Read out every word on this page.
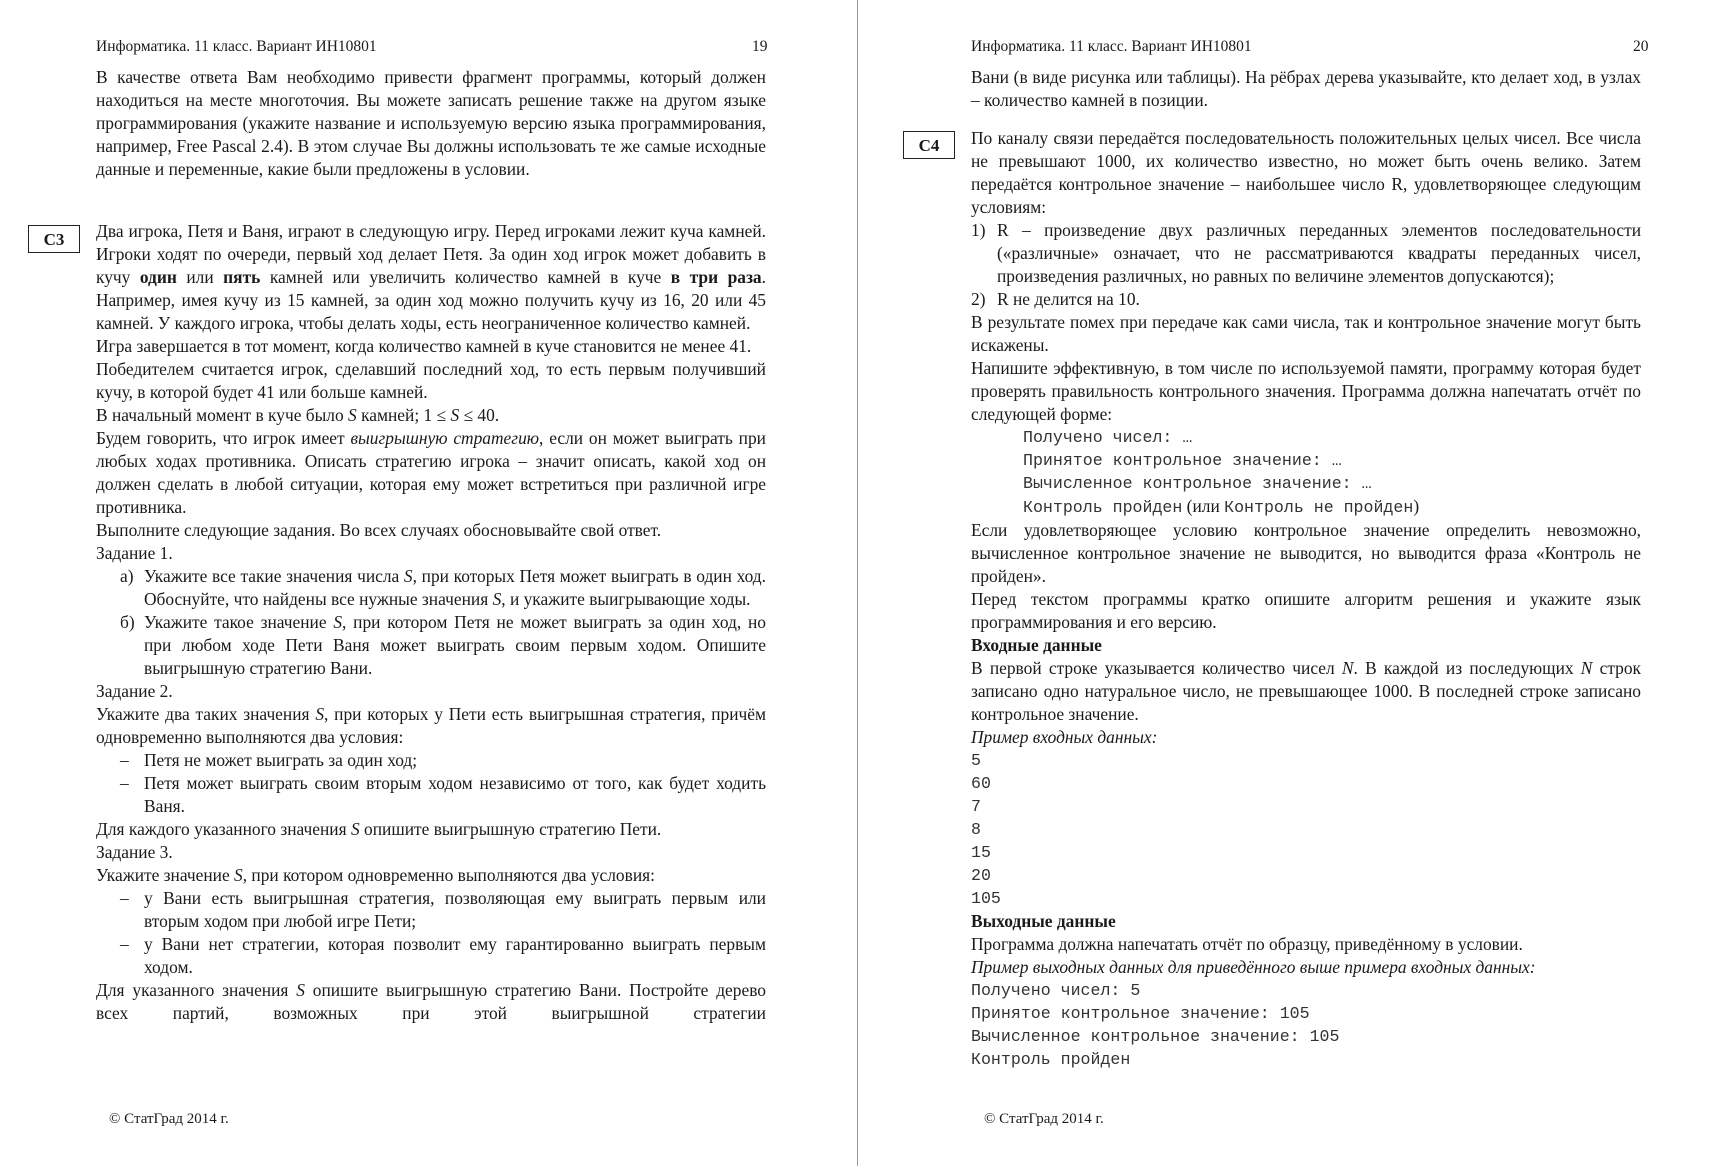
Информатика. 11 класс. Вариант ИН10801	19

В качестве ответа Вам необходимо привести фрагмент программы, который должен находиться на месте многоточия. Вы можете записать решение также на другом языке программирования (укажите название и используемую версию языка программирования, например, Free Pascal 2.4). В этом случае Вы должны использовать те же самые исходные данные и переменные, какие были предложены в условии.

C3	Два игрока, Петя и Ваня, играют в следующую игру. Перед игроками лежит куча камней. Игроки ходят по очереди, первый ход делает Петя. За один ход игрок может добавить в кучу один или пять камней или увеличить количество камней в куче в три раза. Например, имея кучу из 15 камней, за один ход можно получить кучу из 16, 20 или 45 камней. У каждого игрока, чтобы делать ходы, есть неограниченное количество камней.

Игра завершается в тот момент, когда количество камней в куче становится не менее 41.

Победителем считается игрок, сделавший последний ход, то есть первым получивший кучу, в которой будет 41 или больше камней.

В начальный момент в куче было S камней; 1 ≤ S ≤ 40.

Будем говорить, что игрок имеет выигрышную стратегию, если он может выиграть при любых ходах противника. Описать стратегию игрока – значит описать, какой ход он должен сделать в любой ситуации, которая ему может встретиться при различной игре противника.

Выполните следующие задания. Во всех случаях обосновывайте свой ответ.

Задание 1.

а) Укажите все такие значения числа S, при которых Петя может выиграть в один ход. Обоснуйте, что найдены все нужные значения S, и укажите выигрывающие ходы.

б) Укажите такое значение S, при котором Петя не может выиграть за один ход, но при любом ходе Пети Ваня может выиграть своим первым ходом. Опишите выигрышную стратегию Вани.

Задание 2.

Укажите два таких значения S, при которых у Пети есть выигрышная стратегия, причём одновременно выполняются два условия:

– Петя не может выиграть за один ход;

– Петя может выиграть своим вторым ходом независимо от того, как будет ходить Ваня.

Для каждого указанного значения S опишите выигрышную стратегию Пети.

Задание 3.

Укажите значение S, при котором одновременно выполняются два условия:

– у Вани есть выигрышная стратегия, позволяющая ему выиграть первым или вторым ходом при любой игре Пети;

– у Вани нет стратегии, которая позволит ему гарантированно выиграть первым ходом.

Для указанного значения S опишите выигрышную стратегию Вани. Постройте дерево всех партий, возможных при этой выигрышной стратегии

© СтатГрад 2014 г.
Информатика. 11 класс. Вариант ИН10801	20

Вани (в виде рисунка или таблицы). На рёбрах дерева указывайте, кто делает ход, в узлах – количество камней в позиции.

C4	По каналу связи передаётся последовательность положительных целых чисел. Все числа не превышают 1000, их количество известно, но может быть очень велико. Затем передаётся контрольное значение – наибольшее число R, удовлетворяющее следующим условиям:

1) R – произведение двух различных переданных элементов последовательности («различные» означает, что не рассматриваются квадраты переданных чисел, произведения различных, но равных по величине элементов допускаются);

2) R не делится на 10.

В результате помех при передаче как сами числа, так и контрольное значение могут быть искажены.

Напишите эффективную, в том числе по используемой памяти, программу которая будет проверять правильность контрольного значения. Программа должна напечатать отчёт по следующей форме:

Получено чисел: …

Принятое контрольное значение: …

Вычисленное контрольное значение: …

Контроль пройден (или Контроль не пройден)

Если удовлетворяющее условию контрольное значение определить невозможно, вычисленное контрольное значение не выводится, но выводится фраза «Контроль не пройден».

Перед текстом программы кратко опишите алгоритм решения и укажите язык программирования и его версию.

Входные данные

В первой строке указывается количество чисел N. В каждой из последующих N строк записано одно натуральное число, не превышающее 1000. В последней строке записано контрольное значение.

Пример входных данных:

5

60

7

8

15

20

105

Выходные данные

Программа должна напечатать отчёт по образцу, приведённому в условии.

Пример выходных данных для приведённого выше примера входных данных:

Получено чисел: 5

Принятое контрольное значение: 105

Вычисленное контрольное значение: 105

Контроль пройден

© СтатГрад 2014 г.
